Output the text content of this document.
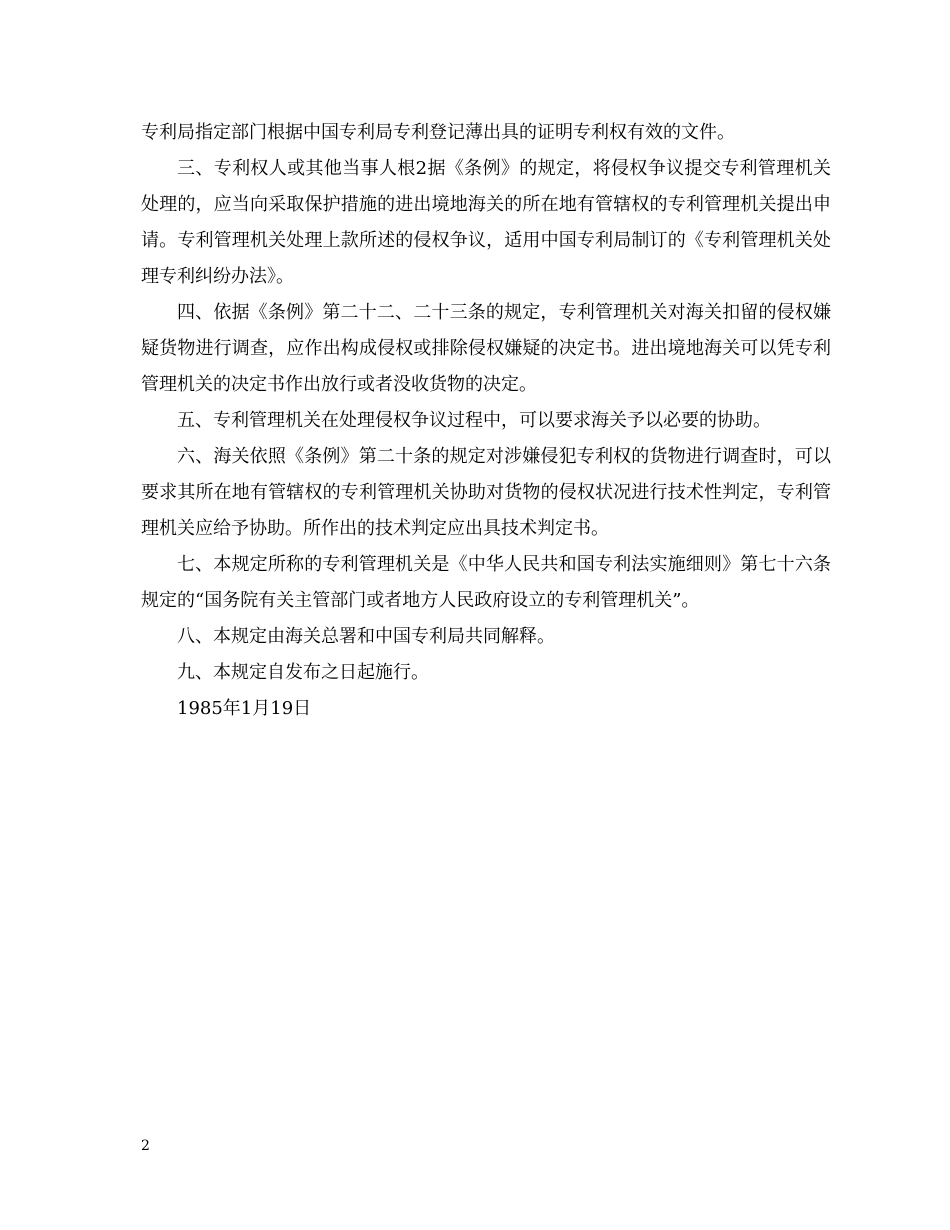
专利局指定部门根据中国专利局专利登记薄出具的证明专利权有效的文件。

三、专利权人或其他当事人根2据《条例》的规定，将侵权争议提交专利管理机关处理的，应当向采取保护措施的进出境地海关的所在地有管辖权的专利管理机关提出申请。专利管理机关处理上款所述的侵权争议，适用中国专利局制订的《专利管理机关处理专利纠纷办法》。

四、依据《条例》第二十二、二十三条的规定，专利管理机关对海关扣留的侵权嫌疑货物进行调查，应作出构成侵权或排除侵权嫌疑的决定书。进出境地海关可以凭专利管理机关的决定书作出放行或者没收货物的决定。

五、专利管理机关在处理侵权争议过程中，可以要求海关予以必要的协助。

六、海关依照《条例》第二十条的规定对涉嫌侵犯专利权的货物进行调查时，可以要求其所在地有管辖权的专利管理机关协助对货物的侵权状况进行技术性判定，专利管理机关应给予协助。所作出的技术判定应出具技术判定书。

七、本规定所称的专利管理机关是《中华人民共和国专利法实施细则》第七十六条规定的“国务院有关主管部门或者地方人民政府设立的专利管理机关”。

八、本规定由海关总署和中国专利局共同解释。

九、本规定自发布之日起施行。

1985年1月19日

2
